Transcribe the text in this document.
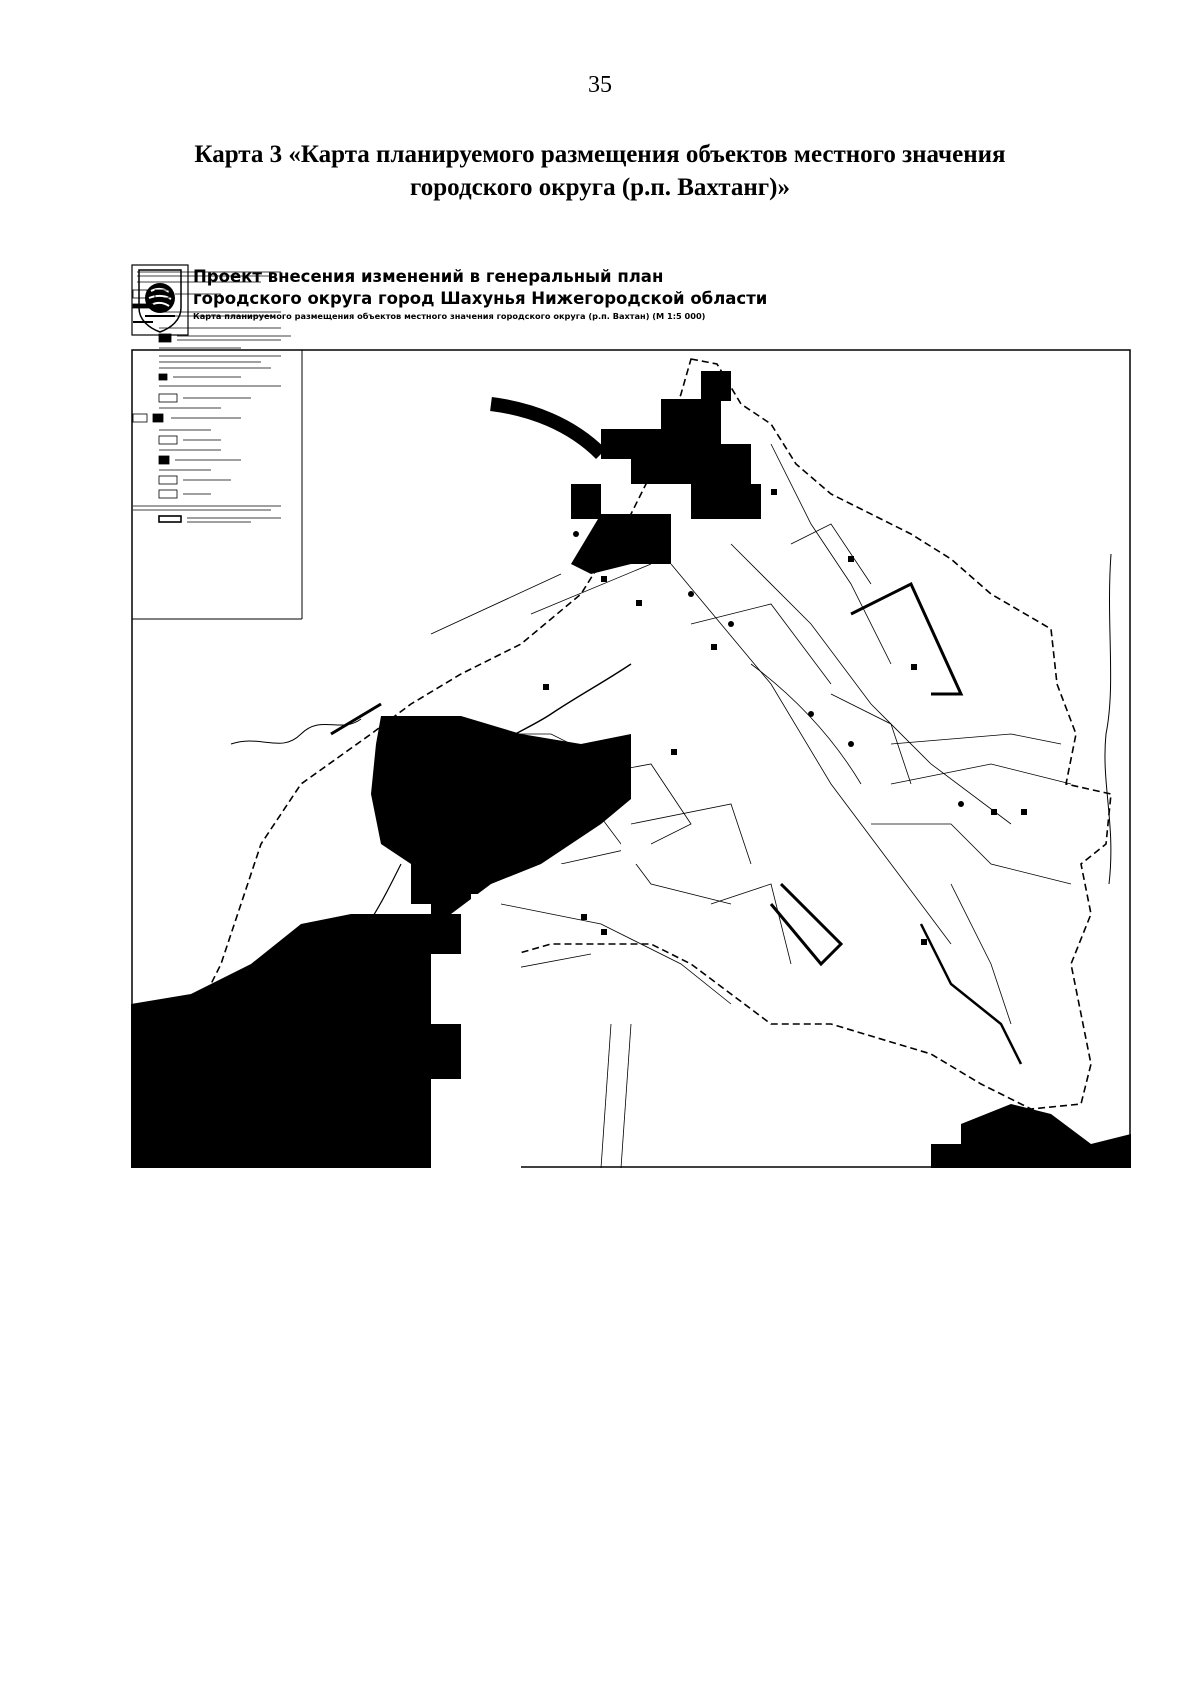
35
Карта 3 «Карта планируемого размещения объектов местного значения
городского округа (р.п. Вахтанг)»
Проект внесения изменений в генеральный план
городского округа город Шахунья Нижегородской области
Карта планируемого размещения объектов местного значения городского округа (р.п. Вахтан) (М 1:5 000)
